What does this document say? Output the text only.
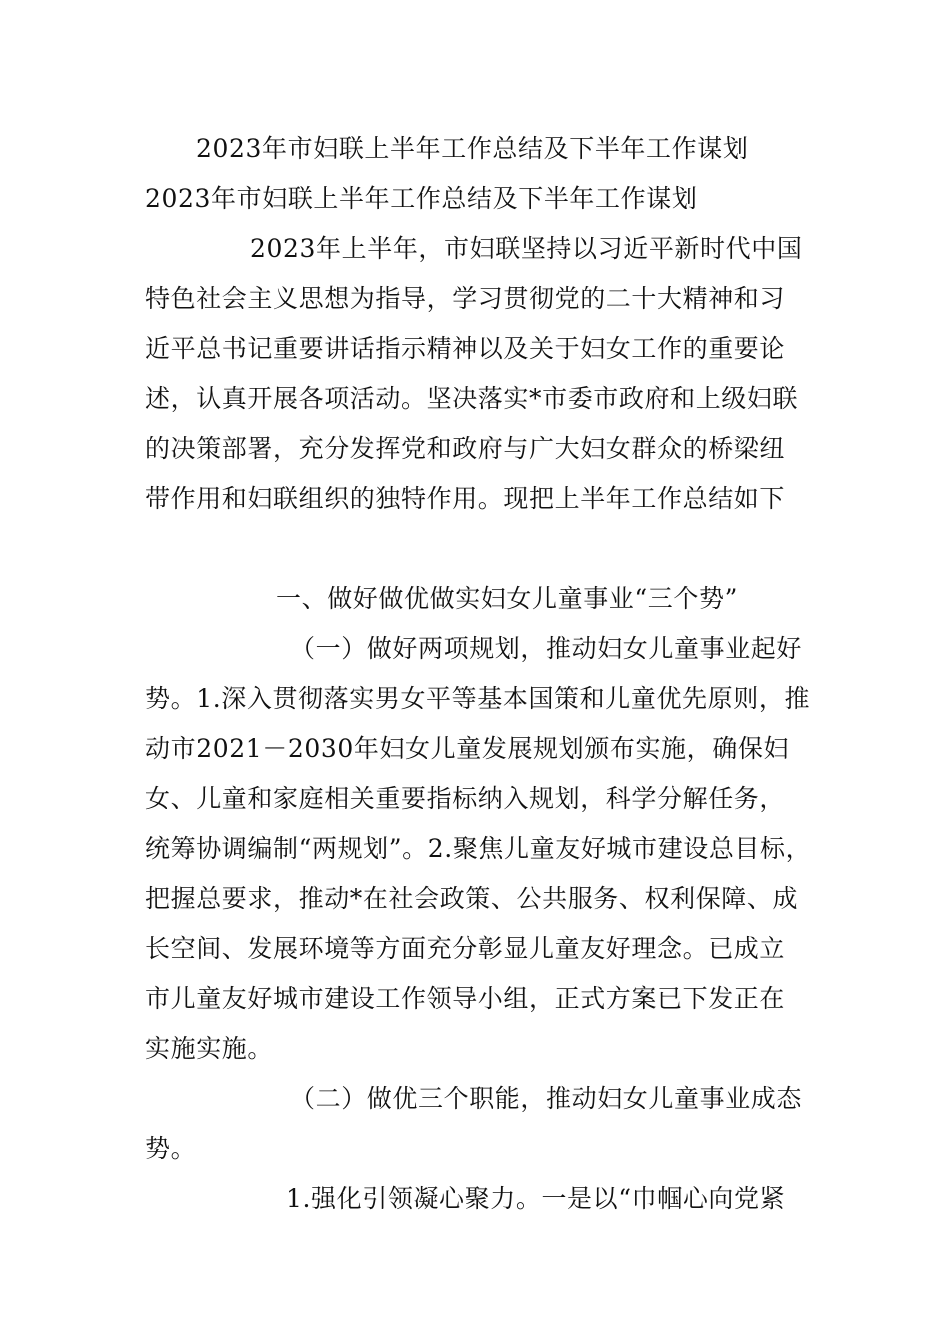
2023年市妇联上半年工作总结及下半年工作谋划
2023年市妇联上半年工作总结及下半年工作谋划
2023年上半年，市妇联坚持以习近平新时代中国
特色社会主义思想为指导，学习贯彻党的二十大精神和习
近平总书记重要讲话指示精神以及关于妇女工作的重要论
述，认真开展各项活动。坚决落实*市委市政府和上级妇联
的决策部署，充分发挥党和政府与广大妇女群众的桥梁纽
带作用和妇联组织的独特作用。现把上半年工作总结如下
一、做好做优做实妇女儿童事业“三个势”
（一）做好两项规划，推动妇女儿童事业起好
势。1.深入贯彻落实男女平等基本国策和儿童优先原则，推
动市2021－2030年妇女儿童发展规划颁布实施，确保妇
女、儿童和家庭相关重要指标纳入规划，科学分解任务，
统筹协调编制“两规划”。2.聚焦儿童友好城市建设总目标，
把握总要求，推动*在社会政策、公共服务、权利保障、成
长空间、发展环境等方面充分彰显儿童友好理念。已成立
市儿童友好城市建设工作领导小组，正式方案已下发正在
实施实施。
（二）做优三个职能，推动妇女儿童事业成态
势。
1.强化引领凝心聚力。一是以“巾帼心向党紧
